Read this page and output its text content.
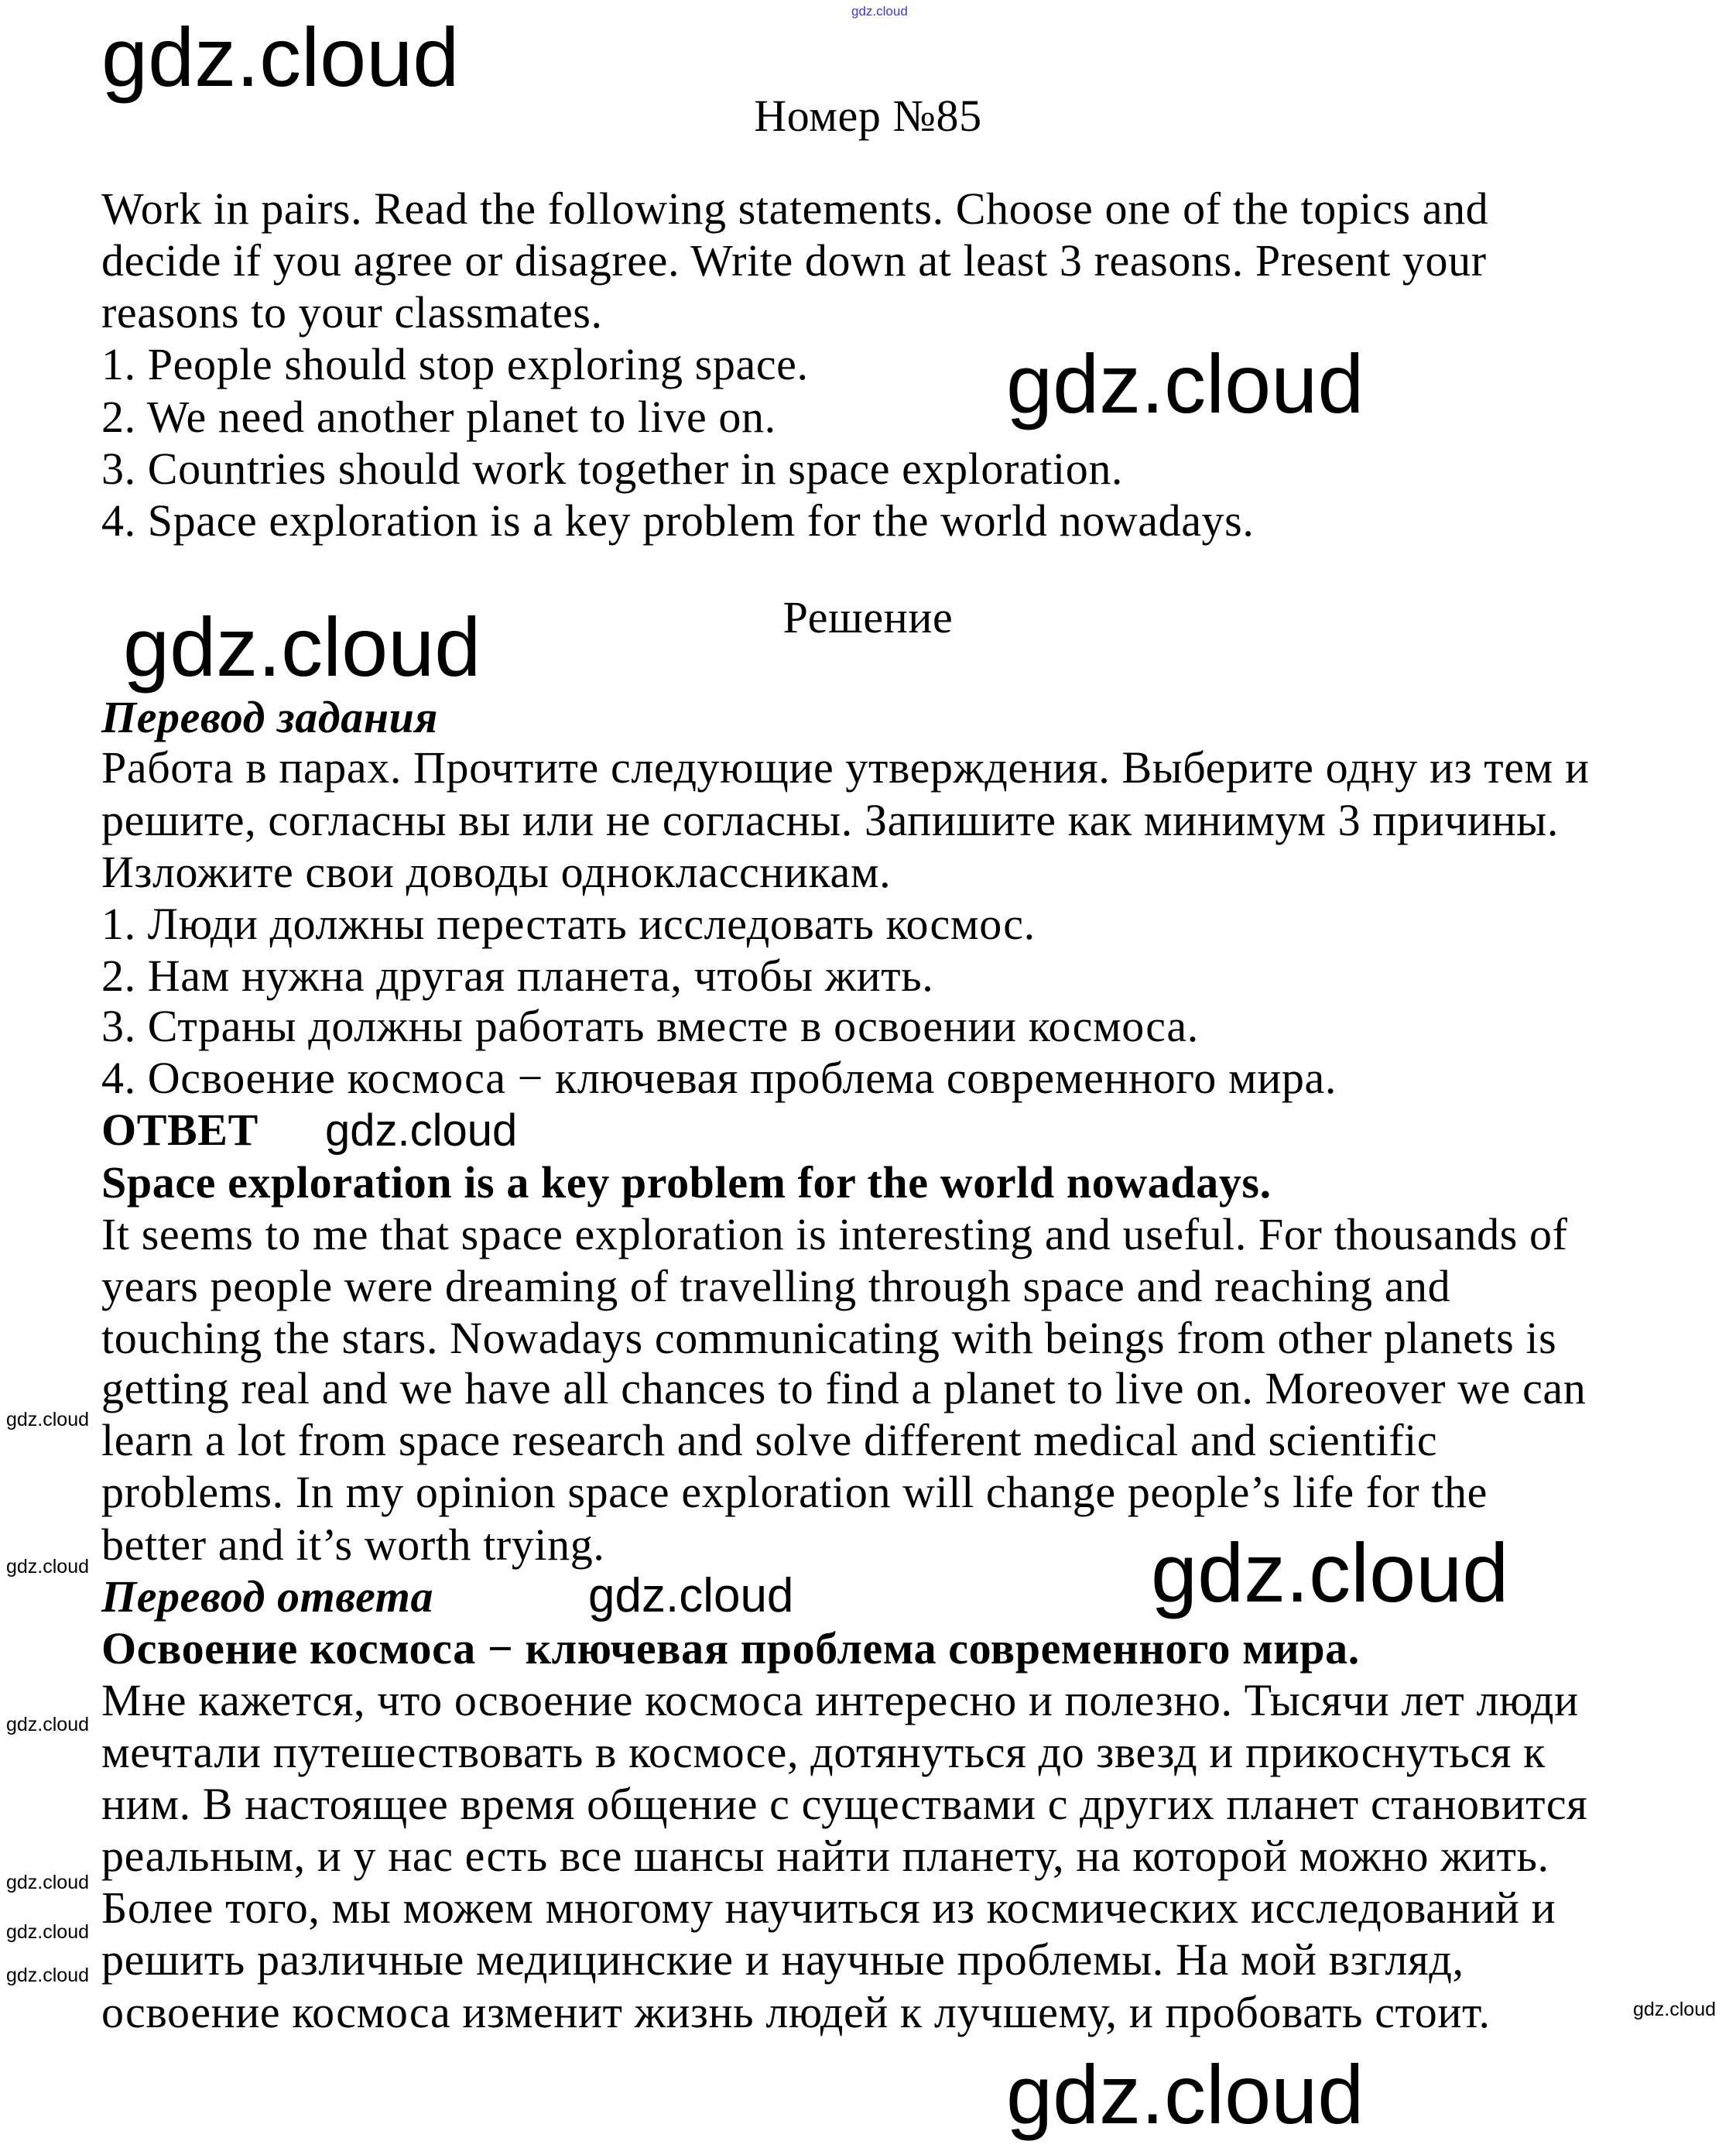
Номер №85
Work in pairs. Read the following statements. Choose one of the topics and
decide if you agree or disagree. Write down at least 3 reasons. Present your
reasons to your classmates.
1. People should stop exploring space.
2. We need another planet to live on.
3. Countries should work together in space exploration.
4. Space exploration is a key problem for the world nowadays.
Решение
Перевод задания
Работа в парах. Прочтите следующие утверждения. Выберите одну из тем и
решите, согласны вы или не согласны. Запишите как минимум 3 причины.
Изложите свои доводы одноклассникам.
1. Люди должны перестать исследовать космос.
2. Нам нужна другая планета, чтобы жить.
3. Страны должны работать вместе в освоении космоса.
4. Освоение космоса − ключевая проблема современного мира.
ОТВЕТ
Space exploration is a key problem for the world nowadays.
It seems to me that space exploration is interesting and useful. For thousands of
years people were dreaming of travelling through space and reaching and
touching the stars. Nowadays communicating with beings from other planets is
getting real and we have all chances to find a planet to live on. Moreover we can
learn a lot from space research and solve different medical and scientific
problems. In my opinion space exploration will change people’s life for the
better and it’s worth trying.
Перевод ответа
Освоение космоса − ключевая проблема современного мира.
Мне кажется, что освоение космоса интересно и полезно. Тысячи лет люди
мечтали путешествовать в космосе, дотянуться до звезд и прикоснуться к
ним. В настоящее время общение с существами с других планет становится
реальным, и у нас есть все шансы найти планету, на которой можно жить.
Более того, мы можем многому научиться из космических исследований и
решить различные медицинские и научные проблемы. На мой взгляд,
освоение космоса изменит жизнь людей к лучшему, и пробовать стоит.
gdz.cloud
gdz.cloud
gdz.cloud
gdz.cloud
gdz.cloud
gdz.cloud
gdz.cloud
gdz.cloud
gdz.cloud
gdz.cloud
gdz.cloud
gdz.cloud
gdz.cloud
gdz.cloud
gdz.cloud
